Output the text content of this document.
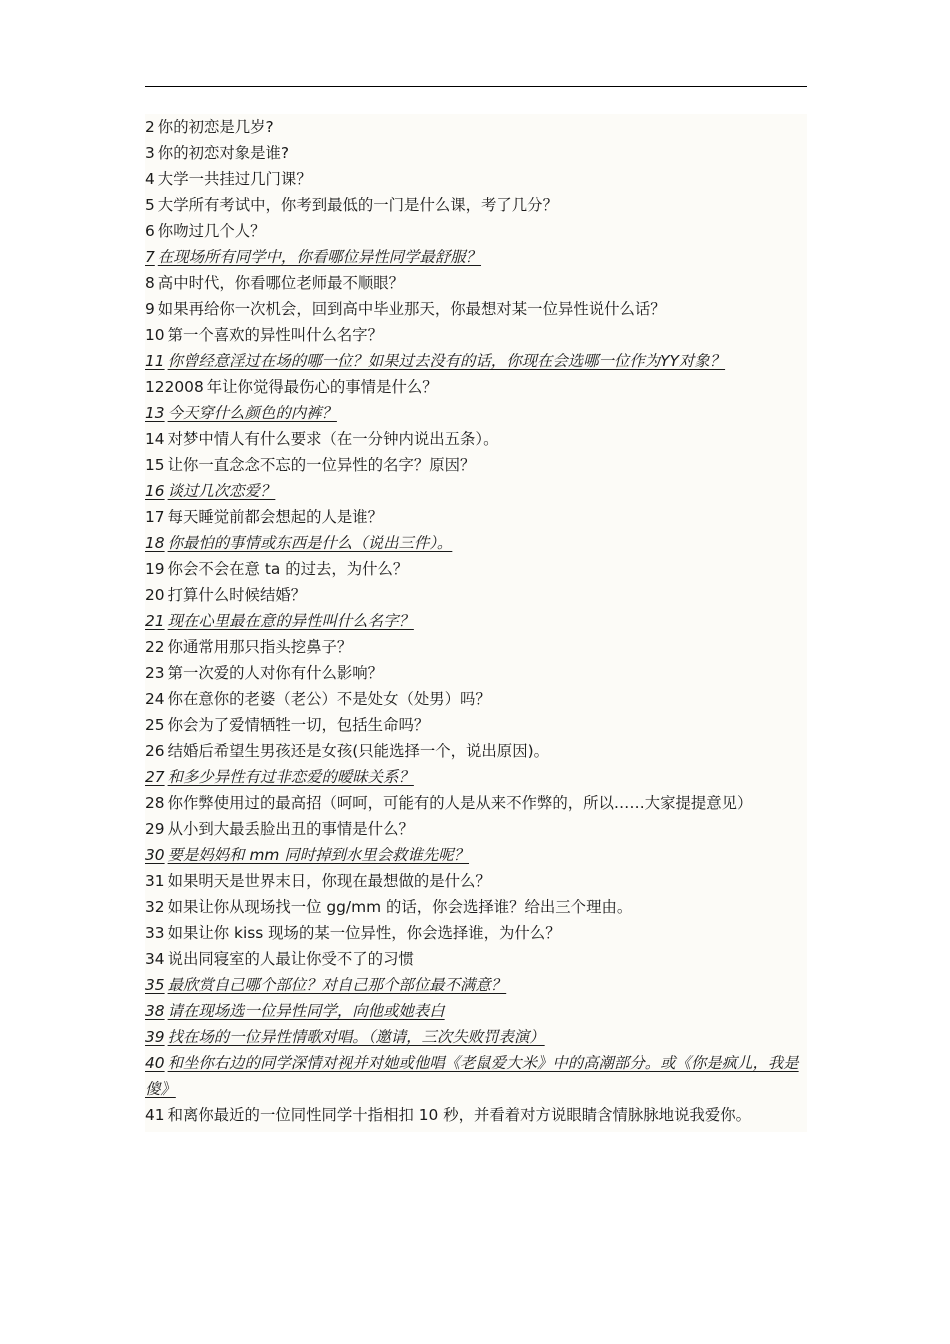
2 你的初恋是几岁?

3 你的初恋对象是谁?

4 大学一共挂过几门课？

5 大学所有考试中，你考到最低的一门是什么课，考了几分？

6 你吻过几个人？

7 在现场所有同学中，你看哪位异性同学最舒服？

8 高中时代，你看哪位老师最不顺眼？

9 如果再给你一次机会，回到高中毕业那天，你最想对某一位异性说什么话？

10 第一个喜欢的异性叫什么名字？

11 你曾经意淫过在场的哪一位？如果过去没有的话，你现在会选哪一位作为YY对象？

122008 年让你觉得最伤心的事情是什么？

13 今天穿什么颜色的内裤？

14 对梦中情人有什么要求（在一分钟内说出五条）。

15 让你一直念念不忘的一位异性的名字？原因？

16 谈过几次恋爱？

17 每天睡觉前都会想起的人是谁？

18 你最怕的事情或东西是什么（说出三件）。

19 你会不会在意 ta 的过去，为什么？

20 打算什么时候结婚？

21 现在心里最在意的异性叫什么名字？

22 你通常用那只指头挖鼻子？

23 第一次爱的人对你有什么影响？

24 你在意你的老婆（老公）不是处女（处男）吗？

25 你会为了爱情牺牲一切，包括生命吗？

26 结婚后希望生男孩还是女孩(只能选择一个，说出原因)。

27 和多少异性有过非恋爱的暧昧关系？

28 你作弊使用过的最高招（呵呵，可能有的人是从来不作弊的，所以……大家提提意见）

29 从小到大最丢脸出丑的事情是什么？

30 要是妈妈和 mm 同时掉到水里会救谁先呢？

31 如果明天是世界末日，你现在最想做的是什么？

32 如果让你从现场找一位 gg/mm 的话，你会选择谁？给出三个理由。

33 如果让你 kiss 现场的某一位异性，你会选择谁，为什么？

34 说出同寝室的人最让你受不了的习惯

35 最欣赏自己哪个部位？对自己那个部位最不满意？

38 请在现场选一位异性同学，向他或她表白

39 找在场的一位异性情歌对唱。（邀请，三次失败罚表演）

40 和坐你右边的同学深情对视并对她或他唱《老鼠爱大米》中的高潮部分。或《你是疯儿，我是傻》

41 和离你最近的一位同性同学十指相扣 10 秒，并看着对方说眼睛含情脉脉地说我爱你。
